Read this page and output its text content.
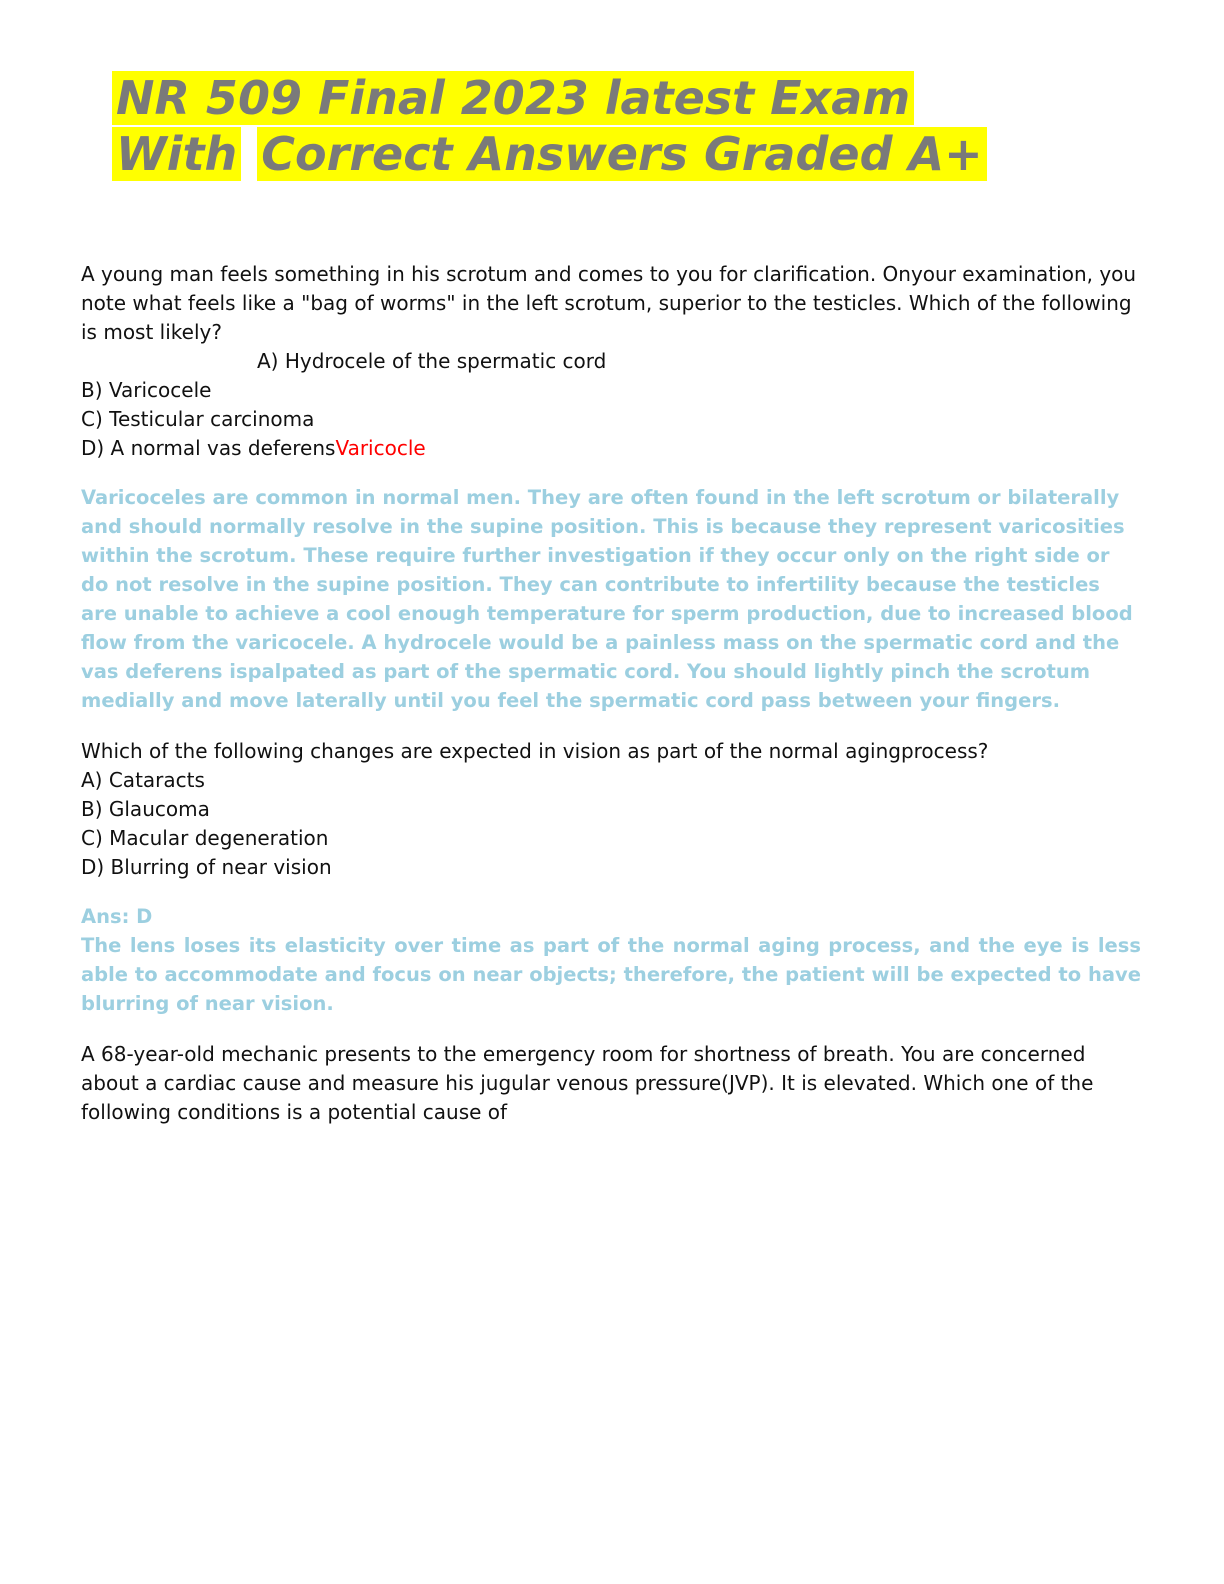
NR 509 Final 2023 latest Exam
With Correct Answers Graded A+
A young man feels something in his scrotum and comes to you for clarification. Onyour examination, you note what feels like a "bag of worms" in the left scrotum, superior to the testicles. Which of the following is most likely?
A) Hydrocele of the spermatic cord
B) Varicocele
C) Testicular carcinoma
D) A normal vas deferensVaricocle
Varicoceles are common in normal men. They are often found in the left scrotum or bilaterally and should normally resolve in the supine position. This is because they represent varicosities within the scrotum. These require further investigation if they occur only on the right side or do not resolve in the supine position. They can contribute to infertility because the testicles are unable to achieve a cool enough temperature for sperm production, due to increased blood flow from the varicocele. A hydrocele would be a painless mass on the spermatic cord and the vas deferens ispalpated as part of the spermatic cord. You should lightly pinch the scrotum medially and move laterally until you feel the spermatic cord pass between your fingers.
Which of the following changes are expected in vision as part of the normal agingprocess?
A) Cataracts
B) Glaucoma
C) Macular degeneration
D) Blurring of near vision
Ans: D
The lens loses its elasticity over time as part of the normal aging process, and the eye is less able to accommodate and focus on near objects; therefore, the patient will be expected to have blurring of near vision.
A 68-year-old mechanic presents to the emergency room for shortness of breath. You are concerned about a cardiac cause and measure his jugular venous pressure(JVP). It is elevated. Which one of the following conditions is a potential cause of
